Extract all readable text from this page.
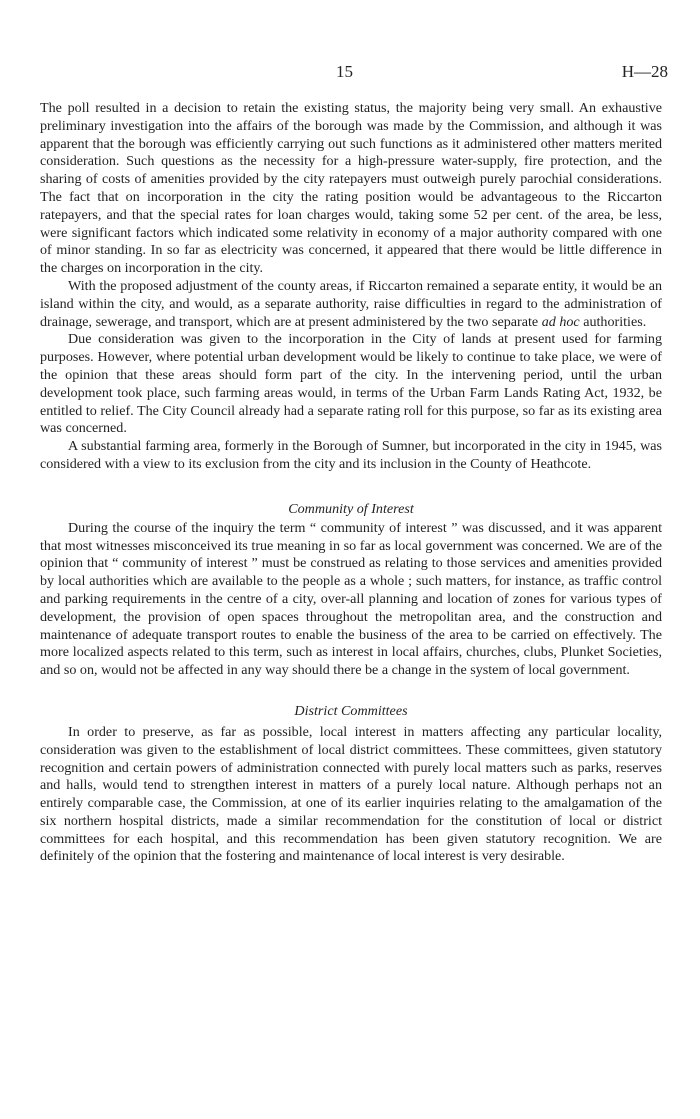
15	H—28

The poll resulted in a decision to retain the existing status, the majority being very small. An exhaustive preliminary investigation into the affairs of the borough was made by the Commission, and although it was apparent that the borough was efficiently carrying out such functions as it administered other matters merited consideration. Such questions as the necessity for a high-pressure water-supply, fire protection, and the sharing of costs of amenities provided by the city ratepayers must outweigh purely parochial considerations. The fact that on incorporation in the city the rating position would be advantageous to the Riccarton ratepayers, and that the special rates for loan charges would, taking some 52 per cent. of the area, be less, were significant factors which indicated some relativity in economy of a major authority compared with one of minor standing. In so far as electricity was concerned, it appeared that there would be little difference in the charges on incorporation in the city.

With the proposed adjustment of the county areas, if Riccarton remained a separate entity, it would be an island within the city, and would, as a separate authority, raise difficulties in regard to the administration of drainage, sewerage, and transport, which are at present administered by the two separate ad hoc authorities.

Due consideration was given to the incorporation in the City of lands at present used for farming purposes. However, where potential urban development would be likely to continue to take place, we were of the opinion that these areas should form part of the city. In the intervening period, until the urban development took place, such farming areas would, in terms of the Urban Farm Lands Rating Act, 1932, be entitled to relief. The City Council already had a separate rating roll for this purpose, so far as its existing area was concerned.

A substantial farming area, formerly in the Borough of Sumner, but incorporated in the city in 1945, was considered with a view to its exclusion from the city and its inclusion in the County of Heathcote.

Community of Interest

During the course of the inquiry the term “ community of interest ” was discussed, and it was apparent that most witnesses misconceived its true meaning in so far as local government was concerned. We are of the opinion that “ community of interest ” must be construed as relating to those services and amenities provided by local authorities which are available to the people as a whole ; such matters, for instance, as traffic control and parking requirements in the centre of a city, over-all planning and location of zones for various types of development, the provision of open spaces throughout the metropolitan area, and the construction and maintenance of adequate transport routes to enable the business of the area to be carried on effectively. The more localized aspects related to this term, such as interest in local affairs, churches, clubs, Plunket Societies, and so on, would not be affected in any way should there be a change in the system of local government.

District Committees

In order to preserve, as far as possible, local interest in matters affecting any particular locality, consideration was given to the establishment of local district committees. These committees, given statutory recognition and certain powers of administration connected with purely local matters such as parks, reserves and halls, would tend to strengthen interest in matters of a purely local nature. Although perhaps not an entirely comparable case, the Commission, at one of its earlier inquiries relating to the amalgamation of the six northern hospital districts, made a similar recommendation for the constitution of local or district committees for each hospital, and this recommendation has been given statutory recognition. We are definitely of the opinion that the fostering and maintenance of local interest is very desirable.
